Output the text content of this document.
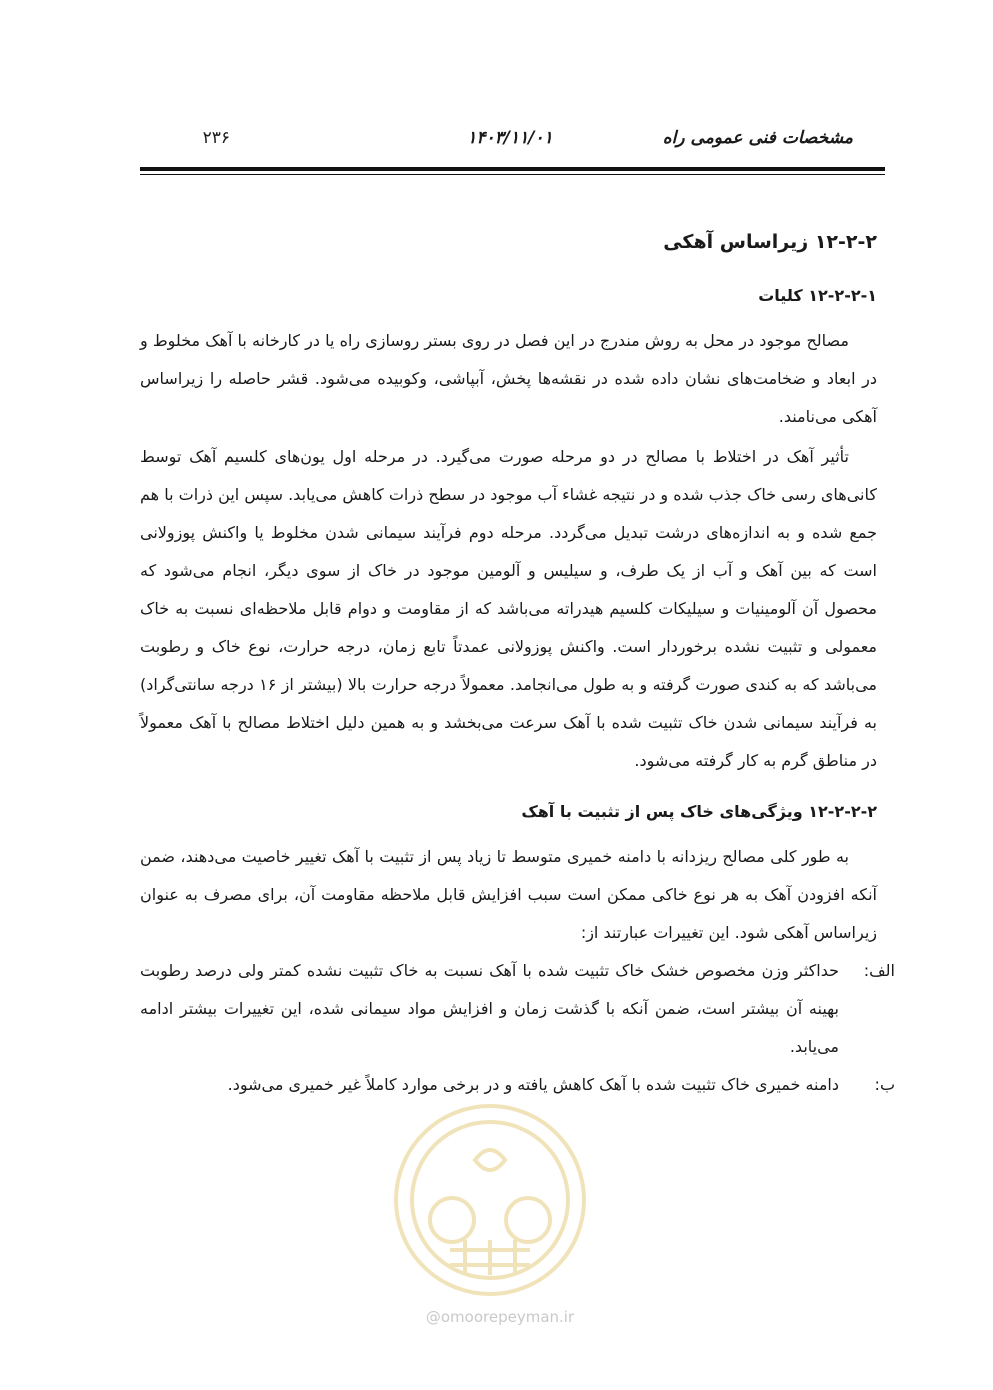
مشخصات فنی عمومی راه
۱۴۰۳/۱۱/۰۱
۲۳۶
۱۲-۲-۲ زیراساس آهکی
۱۲-۲-۲-۱ کلیات

مصالح موجود در محل به روش مندرج در این فصل در روی بستر روسازی راه یا در کارخانه با آهک مخلوط و در ابعاد و ضخامت‌های نشان داده شده در نقشه‌ها پخش، آبپاشی، وکوبیده می‌شود. قشر حاصله را زیراساس آهکی می‌نامند.

تأثیر آهک در اختلاط با مصالح در دو مرحله صورت می‌گیرد. در مرحله اول یون‌های کلسیم آهک توسط کانی‌های رسی خاک جذب شده و در نتیجه غشاء آب موجود در سطح ذرات کاهش می‌یابد. سپس این ذرات با هم جمع شده و به اندازه‌های درشت تبدیل می‌گردد. مرحله دوم فرآیند سیمانی شدن مخلوط یا واکنش پوزولانی است که بین آهک و آب از یک طرف، و سیلیس و آلومین موجود در خاک از سوی دیگر، انجام می‌شود که محصول آن آلومینیات و سیلیکات کلسیم هیدراته می‌باشد که از مقاومت و دوام قابل ملاحظه‌ای نسبت به خاک معمولی و تثبیت نشده برخوردار است. واکنش پوزولانی عمدتاً تابع زمان، درجه حرارت، نوع خاک و رطوبت می‌باشد که به کندی صورت گرفته و به طول می‌انجامد. معمولاً درجه حرارت بالا (بیشتر از ۱۶ درجه سانتی‌گراد) به فرآیند سیمانی شدن خاک تثبیت شده با آهک سرعت می‌بخشد و به همین دلیل اختلاط مصالح با آهک معمولاً در مناطق گرم به کار گرفته می‌شود.

۱۲-۲-۲-۲ ویژگی‌های خاک پس از تثبیت با آهک

به طور کلی مصالح ریزدانه با دامنه خمیری متوسط تا زیاد پس از تثبیت با آهک تغییر خاصیت می‌دهند، ضمن آنکه افزودن آهک به هر نوع خاکی ممکن است سبب افزایش قابل ملاحظه مقاومت آن، برای مصرف به عنوان زیراساس آهکی شود. این تغییرات عبارتند از:

الف:
حداکثر وزن مخصوص خشک خاک تثبیت شده با آهک نسبت به خاک تثبیت نشده کمتر ولی درصد رطوبت بهینه آن بیشتر است، ضمن آنکه با گذشت زمان و افزایش مواد سیمانی شده، این تغییرات بیشتر ادامه می‌یابد.
ب:
دامنه خمیری خاک تثبیت شده با آهک کاهش یافته و در برخی موارد کاملاً غیر خمیری می‌شود.
@omoorepeyman.ir
